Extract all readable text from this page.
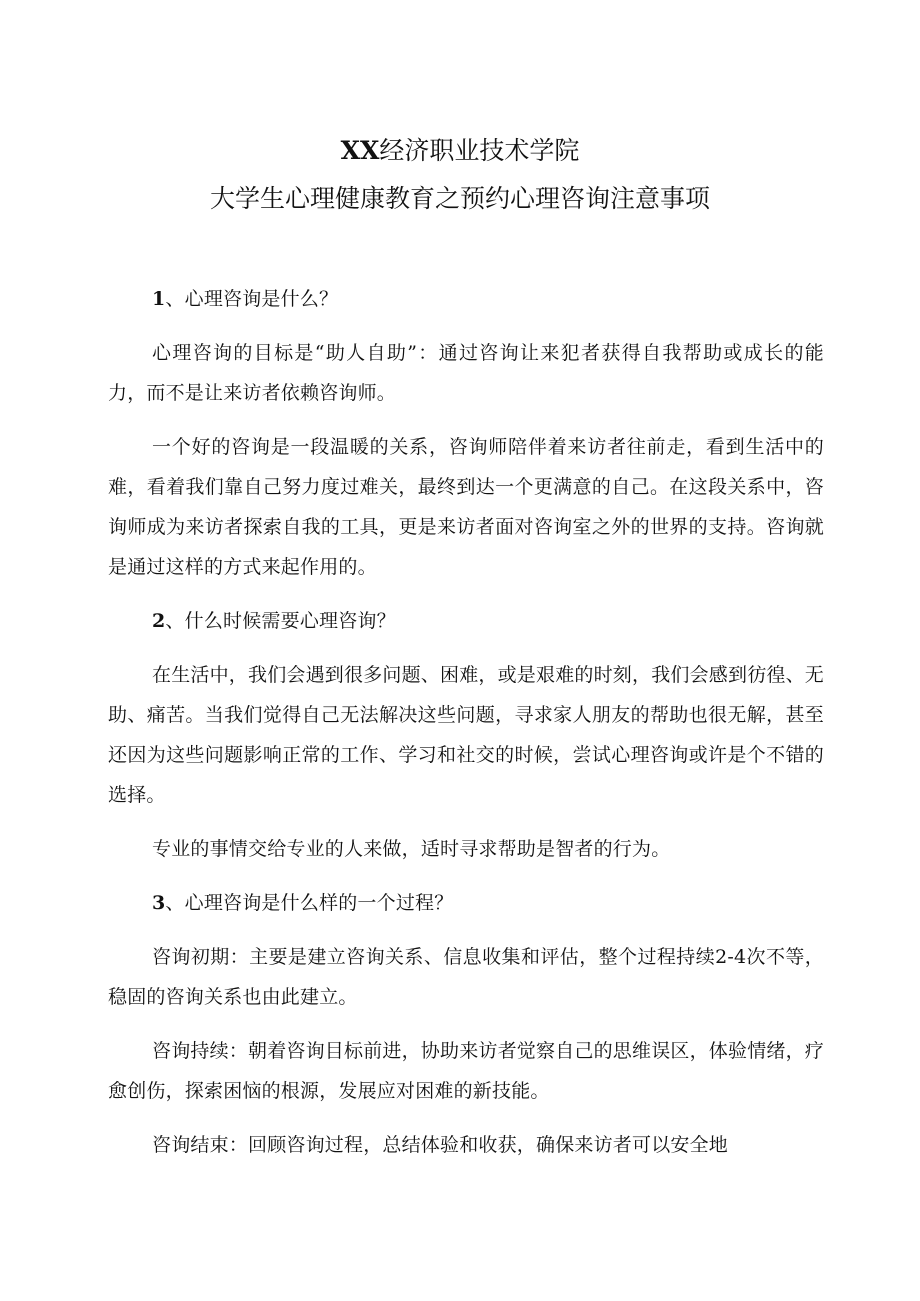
XX经济职业技术学院
大学生心理健康教育之预约心理咨询注意事项

1、心理咨询是什么？

心理咨询的目标是“助人自助”：通过咨询让来犯者获得自我帮助或成长的能力，而不是让来访者依赖咨询师。

一个好的咨询是一段温暖的关系，咨询师陪伴着来访者往前走，看到生活中的难，看着我们靠自己努力度过难关，最终到达一个更满意的自己。在这段关系中，咨询师成为来访者探索自我的工具，更是来访者面对咨询室之外的世界的支持。咨询就是通过这样的方式来起作用的。

2、什么时候需要心理咨询？

在生活中，我们会遇到很多问题、困难，或是艰难的时刻，我们会感到彷徨、无助、痛苦。当我们觉得自己无法解决这些问题，寻求家人朋友的帮助也很无解，甚至还因为这些问题影响正常的工作、学习和社交的时候，尝试心理咨询或许是个不错的选择。

专业的事情交给专业的人来做，适时寻求帮助是智者的行为。

3、心理咨询是什么样的一个过程？

咨询初期：主要是建立咨询关系、信息收集和评估，整个过程持续2-4次不等，稳固的咨询关系也由此建立。

咨询持续：朝着咨询目标前进，协助来访者觉察自己的思维误区，体验情绪，疗愈创伤，探索困恼的根源，发展应对困难的新技能。

咨询结束：回顾咨询过程，总结体验和收获，确保来访者可以安全地
